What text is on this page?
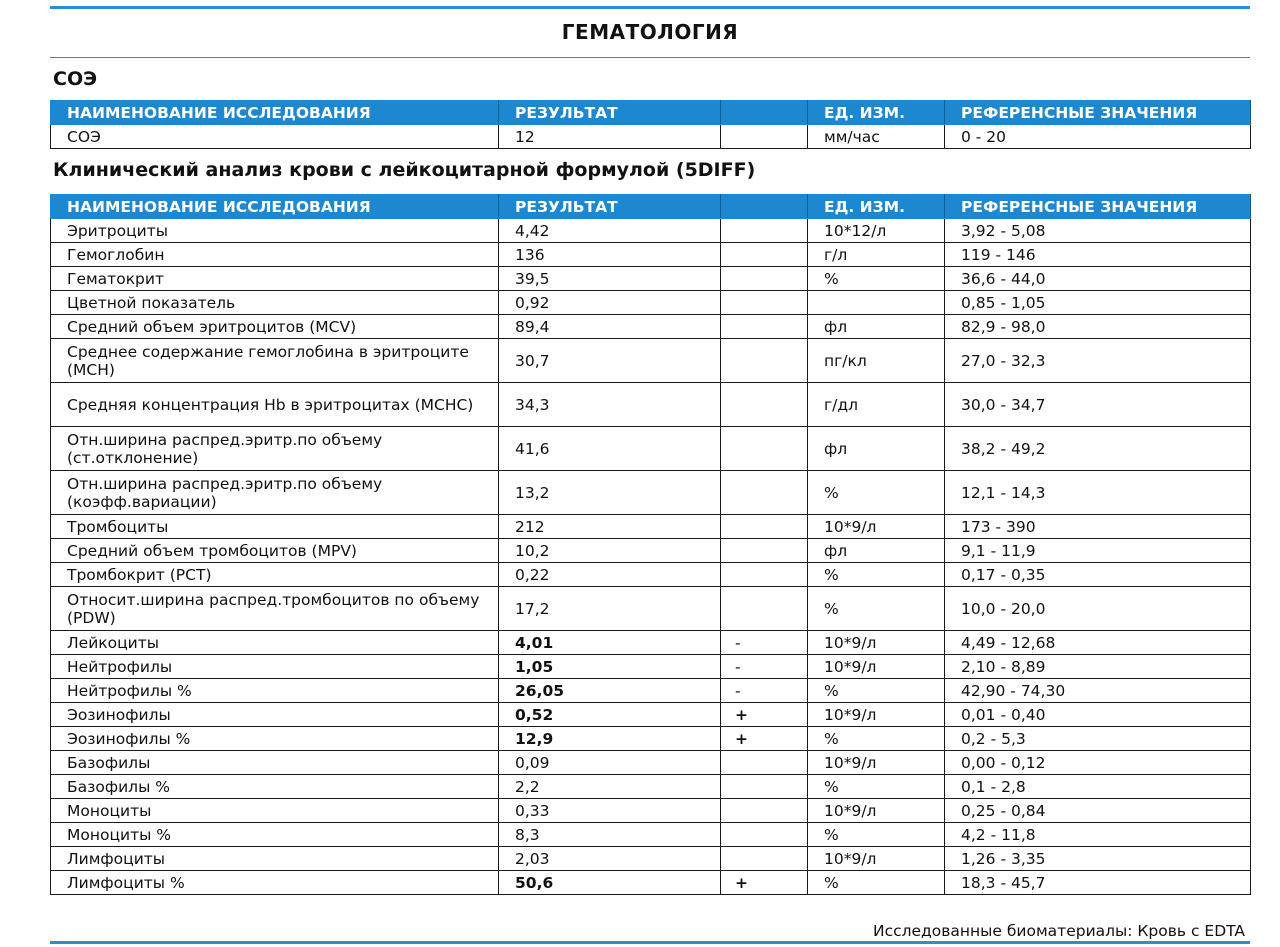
ГЕМАТОЛОГИЯ
СОЭ
НАИМЕНОВАНИЕ ИССЛЕДОВАНИЯ	РЕЗУЛЬТАТ		ЕД. ИЗМ.	РЕФЕРЕНСНЫЕ ЗНАЧЕНИЯ
СОЭ	12		мм/час	0 - 20
Клинический анализ крови с лейкоцитарной формулой (5DIFF)
НАИМЕНОВАНИЕ ИССЛЕДОВАНИЯ	РЕЗУЛЬТАТ		ЕД. ИЗМ.	РЕФЕРЕНСНЫЕ ЗНАЧЕНИЯ
Эритроциты	4,42		10*12/л	3,92 - 5,08
Гемоглобин	136		г/л	119 - 146
Гематокрит	39,5		%	36,6 - 44,0
Цветной показатель	0,92			0,85 - 1,05
Средний объем эритроцитов (MCV)	89,4		фл	82,9 - 98,0
Среднее содержание гемоглобина в эритроците (MCH)	30,7		пг/кл	27,0 - 32,3
Средняя концентрация Hb в эритроцитах (MCHC)	34,3		г/дл	30,0 - 34,7
Отн.ширина распред.эритр.по объему (ст.отклонение)	41,6		фл	38,2 - 49,2
Отн.ширина распред.эритр.по объему (коэфф.вариации)	13,2		%	12,1 - 14,3
Тромбоциты	212		10*9/л	173 - 390
Средний объем тромбоцитов (MPV)	10,2		фл	9,1 - 11,9
Тромбокрит (PCT)	0,22		%	0,17 - 0,35
Относит.ширина распред.тромбоцитов по объему (PDW)	17,2		%	10,0 - 20,0
Лейкоциты	4,01	-	10*9/л	4,49 - 12,68
Нейтрофилы	1,05	-	10*9/л	2,10 - 8,89
Нейтрофилы %	26,05	-	%	42,90 - 74,30
Эозинофилы	0,52	+	10*9/л	0,01 - 0,40
Эозинофилы %	12,9	+	%	0,2 - 5,3
Базофилы	0,09		10*9/л	0,00 - 0,12
Базофилы %	2,2		%	0,1 - 2,8
Моноциты	0,33		10*9/л	0,25 - 0,84
Моноциты %	8,3		%	4,2 - 11,8
Лимфоциты	2,03		10*9/л	1,26 - 3,35
Лимфоциты %	50,6	+	%	18,3 - 45,7
Исследованные биоматериалы: Кровь с EDTA
